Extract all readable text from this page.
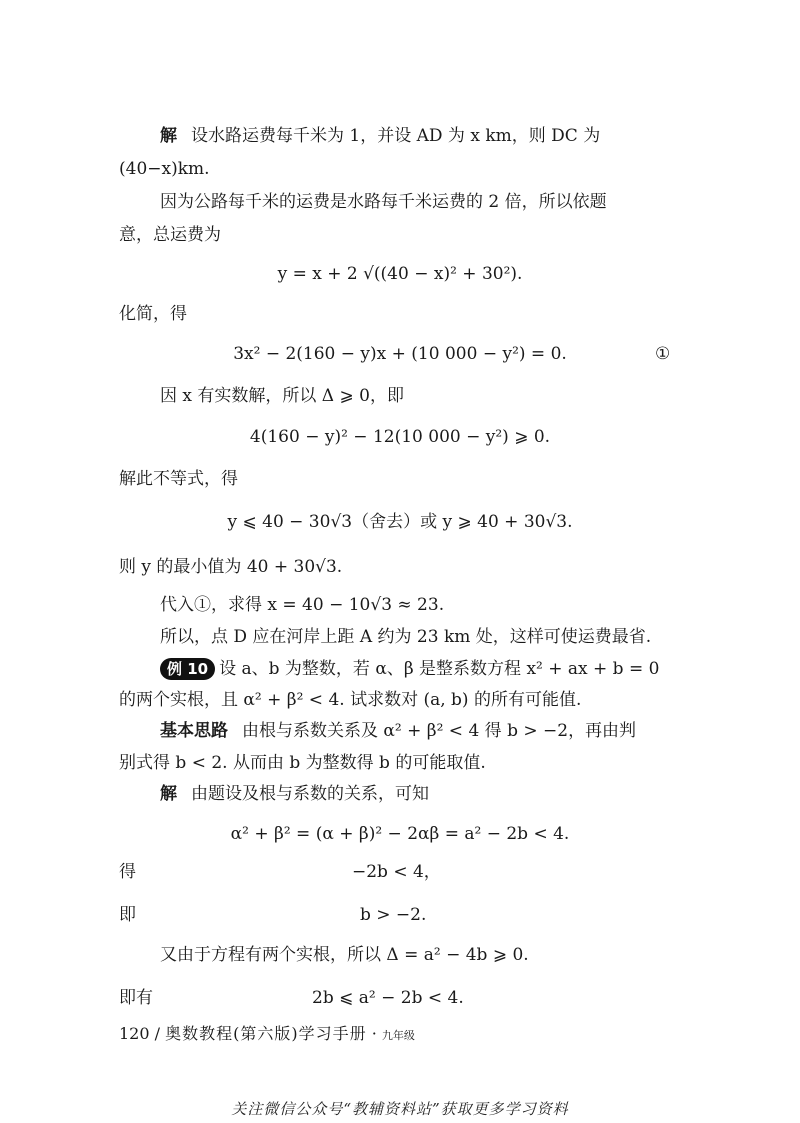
解 设水路运费每千米为 1，并设 AD 为 x km，则 DC 为
(40−x)km.
因为公路每千米的运费是水路每千米运费的 2 倍，所以依题
意，总运费为
y = x + 2 √((40 − x)² + 30²).
化简，得
3x² − 2(160 − y)x + (10 000 − y²) = 0.	①
因 x 有实数解，所以 Δ ⩾ 0，即
4(160 − y)² − 12(10 000 − y²) ⩾ 0.
解此不等式，得
y ⩽ 40 − 30√3（舍去）或 y ⩾ 40 + 30√3.
则 y 的最小值为 40 + 30√3.
代入①，求得 x = 40 − 10√3 ≈ 23.
所以，点 D 应在河岸上距 A 约为 23 km 处，这样可使运费最省.
例 10 设 a、b 为整数，若 α、β 是整系数方程 x² + ax + b = 0
的两个实根，且 α² + β² < 4. 试求数对 (a, b) 的所有可能值.
基本思路 由根与系数关系及 α² + β² < 4 得 b > −2，再由判
别式得 b < 2. 从而由 b 为整数得 b 的可能取值.
解 由题设及根与系数的关系，可知
α² + β² = (α + β)² − 2αβ = a² − 2b < 4.
得	−2b < 4，
即	b > −2.
又由于方程有两个实根，所以 Δ = a² − 4b ⩾ 0.
即有	2b ⩽ a² − 2b < 4.
120 / 奥数教程(第六版)学习手册 · 九年级
关注微信公众号“教辅资料站”获取更多学习资料
